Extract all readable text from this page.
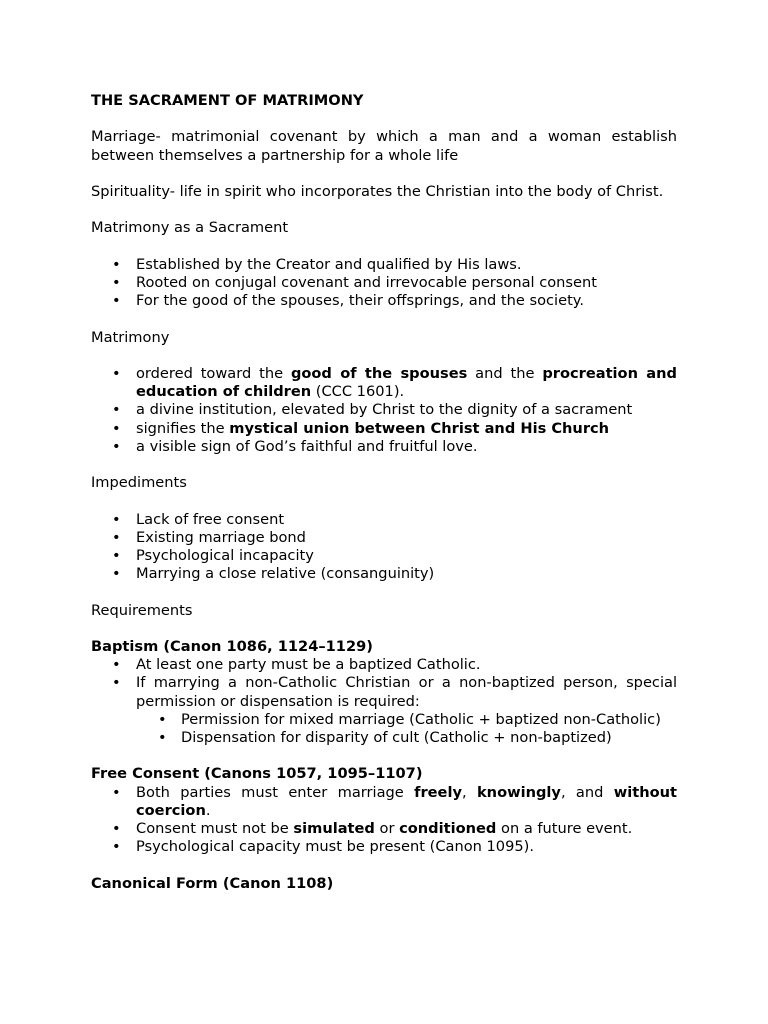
THE SACRAMENT OF MATRIMONY

Marriage- matrimonial covenant by which a man and a woman establish between themselves a partnership for a whole life

Spirituality- life in spirit who incorporates the Christian into the body of Christ.

Matrimony as a Sacrament

• Established by the Creator and qualified by His laws.
• Rooted on conjugal covenant and irrevocable personal consent
• For the good of the spouses, their offsprings, and the society.

Matrimony

• ordered toward the good of the spouses and the procreation and education of children (CCC 1601).
• a divine institution, elevated by Christ to the dignity of a sacrament
• signifies the mystical union between Christ and His Church
• a visible sign of God’s faithful and fruitful love.

Impediments

• Lack of free consent
• Existing marriage bond
• Psychological incapacity
• Marrying a close relative (consanguinity)

Requirements

Baptism (Canon 1086, 1124–1129)

• At least one party must be a baptized Catholic.
• If marrying a non-Catholic Christian or a non-baptized person, special permission or dispensation is required:
• Permission for mixed marriage (Catholic + baptized non-Catholic)
• Dispensation for disparity of cult (Catholic + non-baptized)

Free Consent (Canons 1057, 1095–1107)

• Both parties must enter marriage freely, knowingly, and without coercion.
• Consent must not be simulated or conditioned on a future event.
• Psychological capacity must be present (Canon 1095).

Canonical Form (Canon 1108)
